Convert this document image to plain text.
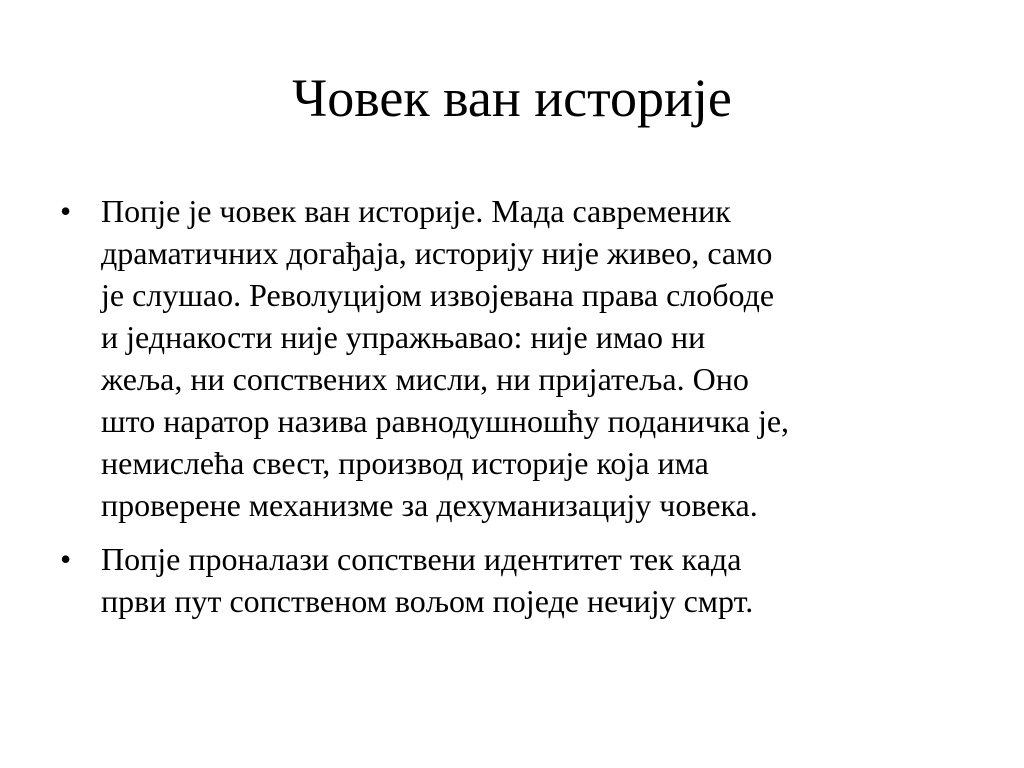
Човек ван историје
• Попје је човек ван историје. Мада савременик
драматичних догађаја, историју није живео, само
је слушао. Револуцијом извојевана права слободе
и једнакости није упражњавао: није имао ни
жеља, ни сопствених мисли, ни пријатеља. Оно
што наратор назива равнодушношћу поданичка је,
немислећа свест, производ историје која има
проверене механизме за дехуманизацију човека.
• Попје проналази сопствени идентитет тек када
први пут сопственом вољом поједе нечију смрт.
